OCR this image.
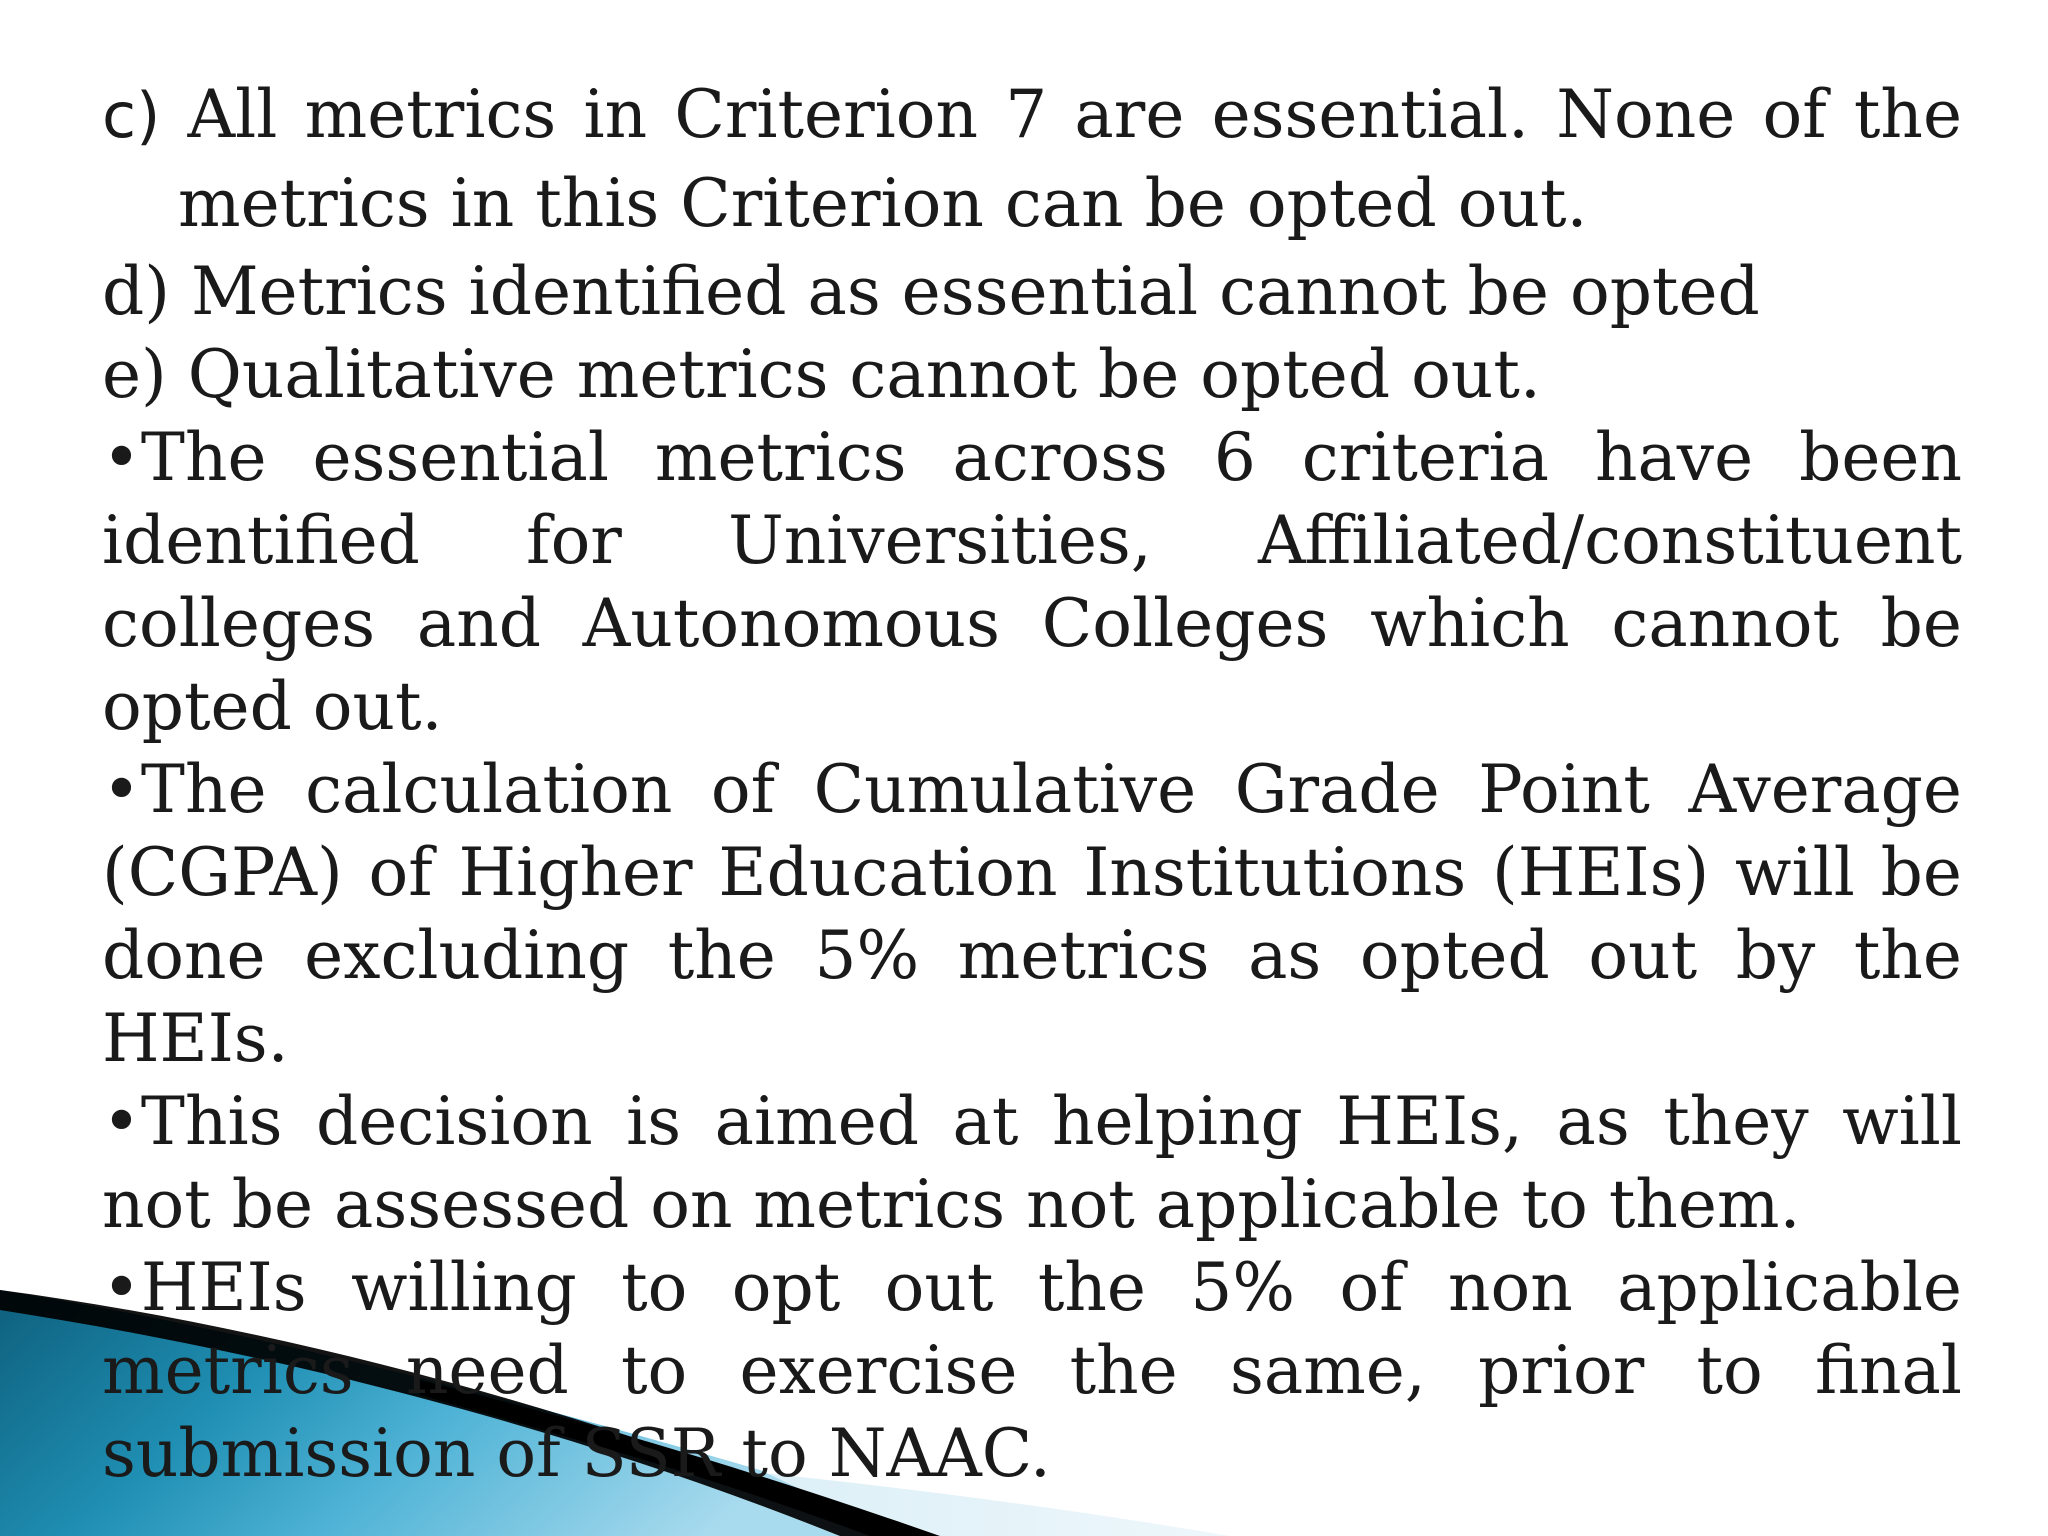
c) All metrics in Criterion 7 are essential. None of the

metrics in this Criterion can be opted out.

d) Metrics identified as essential cannot be opted

e) Qualitative metrics cannot be opted out.

•The essential metrics across 6 criteria have been identified for Universities, Affiliated/constituent colleges and Autonomous Colleges which cannot be opted out.

•The calculation of Cumulative Grade Point Average (CGPA) of Higher Education Institutions (HEIs) will be done excluding the 5% metrics as opted out by the HEIs.

•This decision is aimed at helping HEIs, as they will not be assessed on metrics not applicable to them.

•HEIs willing to opt out the 5% of non applicable metrics need to exercise the same, prior to final submission of SSR to NAAC.
